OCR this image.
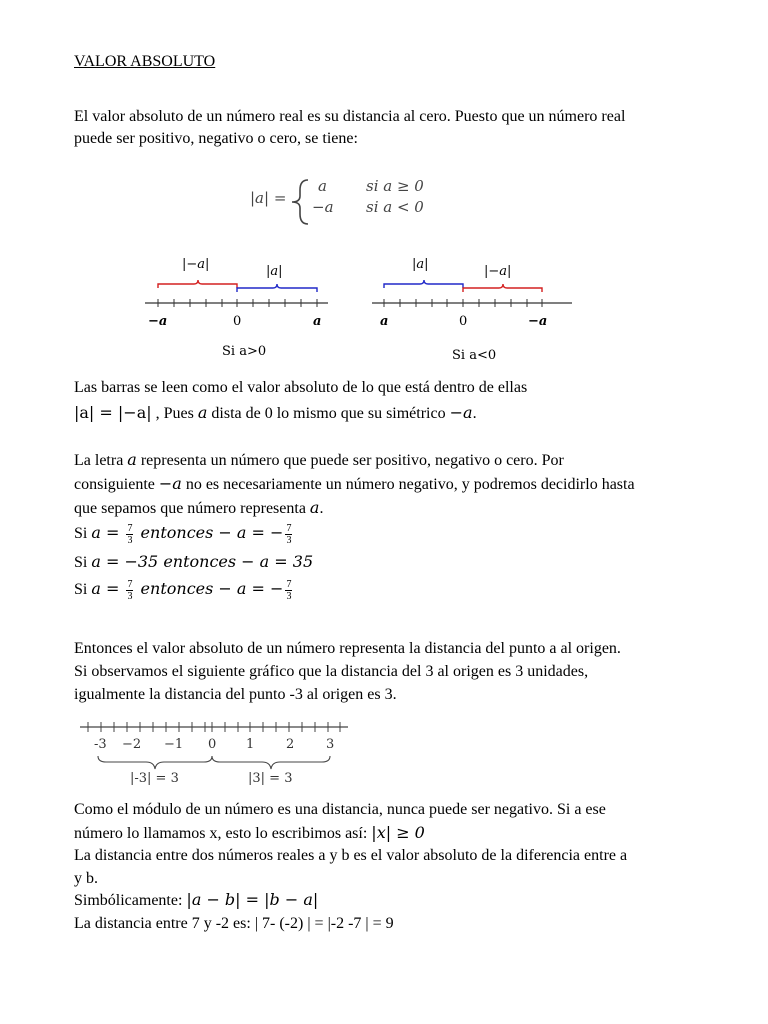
VALOR ABSOLUTO
El valor absoluto de un número real es su distancia al cero. Puesto que un número real
puede ser positivo, negativo o cero, se tiene:
|a| =
a	si a ≥ 0
−a si a < 0
|−a|	|a|
−a	0	a
Si a>0
|a|	|−a|
a	0	−a
Si a<0
Las barras se leen como el valor absoluto de lo que está dentro de ellas
|a| = |−a| , Pues a dista de 0 lo mismo que su simétrico −a.
La letra a representa un número que puede ser positivo, negativo o cero. Por
consiguiente −a no es necesariamente un número negativo, y podremos decidirlo hasta
que sepamos que número representa a.
Si $a = \frac{7}{3}$ entonces − a = − $\frac{7}{3}$
Si a = −35 entonces − a = 35
Si $a = \frac{7}{3}$ entonces − a = − $\frac{7}{3}$
Entonces el valor absoluto de un número representa la distancia del punto a al origen.
Si observamos el siguiente gráfico que la distancia del 3 al origen es 3 unidades,
igualmente la distancia del punto -3 al origen es 3.
-3 −2 −1 0 1 2 3
|-3| = 3	|3| = 3
Como el módulo de un número es una distancia, nunca puede ser negativo. Si a ese
número lo llamamos x, esto lo escribimos así: |x| ≥ 0
La distancia entre dos números reales a y b es el valor absoluto de la diferencia entre a
y b.
Simbólicamente: |a − b| = |b − a|
La distancia entre 7 y -2 es: | 7- (-2) | = |-2 -7 | = 9
